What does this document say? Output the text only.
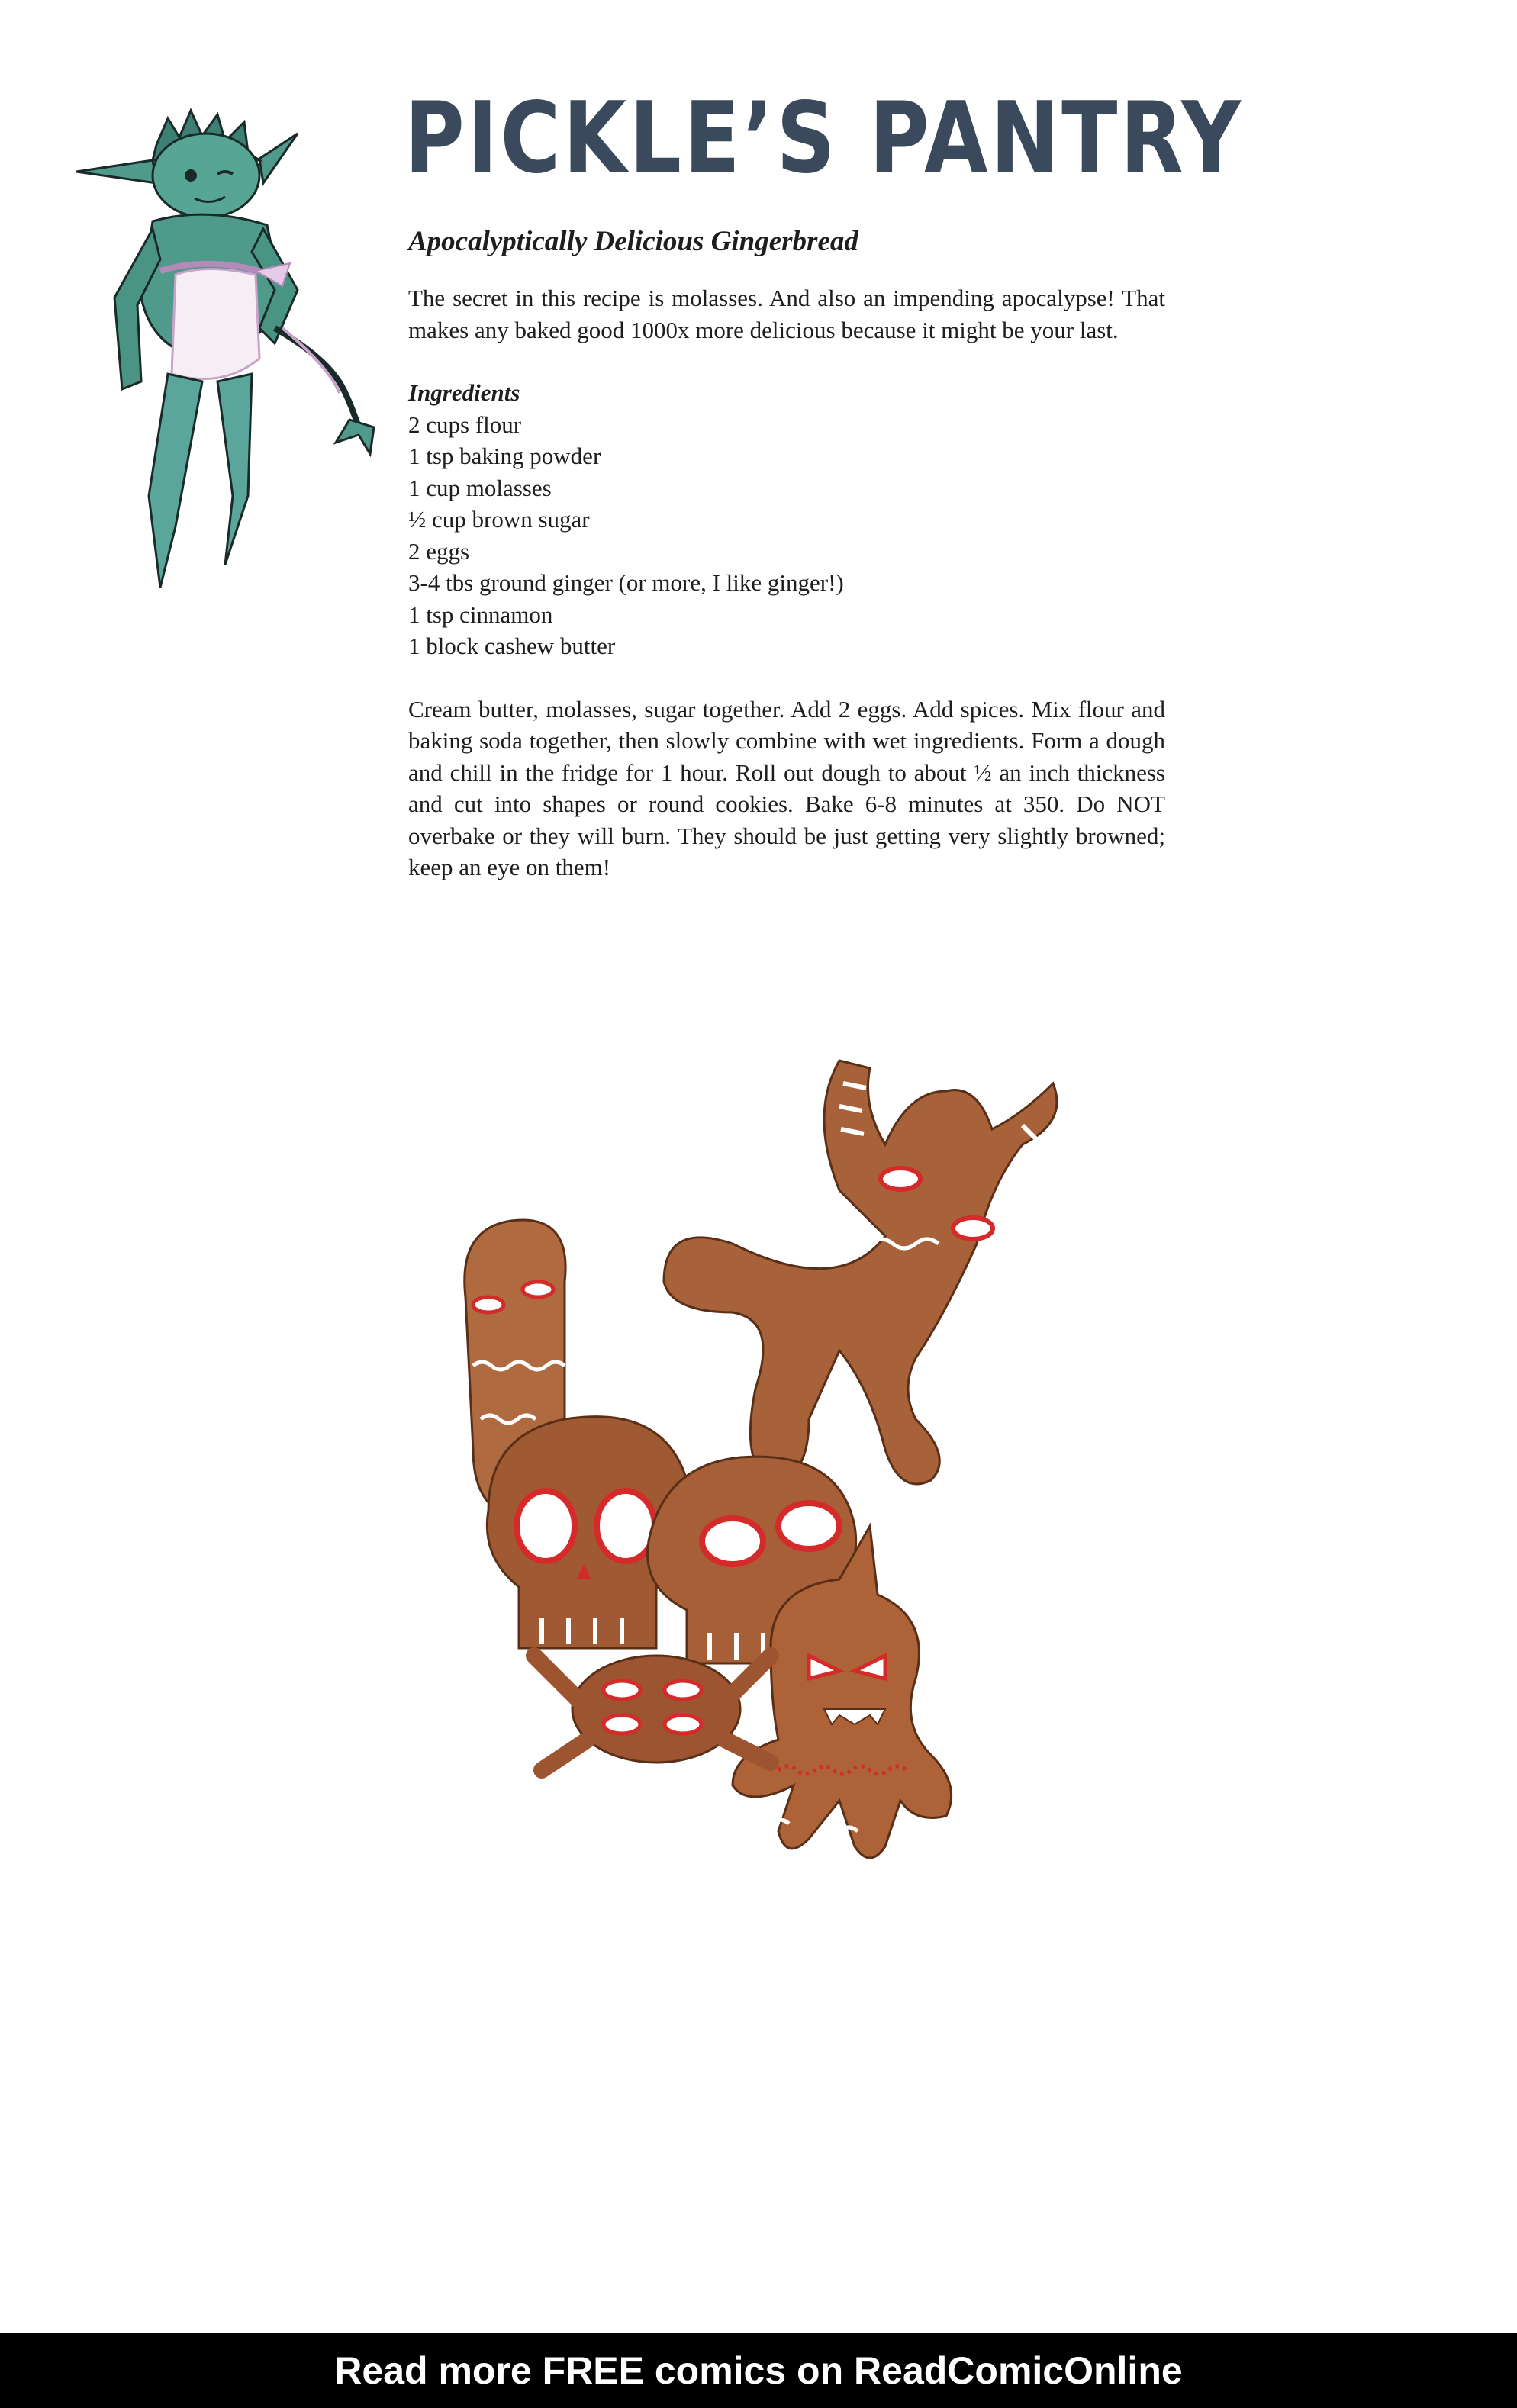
PICKLE’S PANTRY
Apocalyptically Delicious Gingerbread

The secret in this recipe is molasses. And also an impending apocalypse! That makes any baked good 1000x more delicious because it might be your last.

Ingredients
2 cups flour
1 tsp baking powder
1 cup molasses
½ cup brown sugar
2 eggs
3-4 tbs ground ginger (or more, I like ginger!)
1 tsp cinnamon
1 block cashew butter

Cream butter, molasses, sugar together. Add 2 eggs. Add spices. Mix flour and baking soda together, then slowly combine with wet ingredients. Form a dough and chill in the fridge for 1 hour. Roll out dough to about ½ an inch thickness and cut into shapes or round cookies. Bake 6-8 minutes at 350. Do NOT overbake or they will burn. They should be just getting very slightly browned; keep an eye on them!

Read more FREE comics on ReadComicOnline
